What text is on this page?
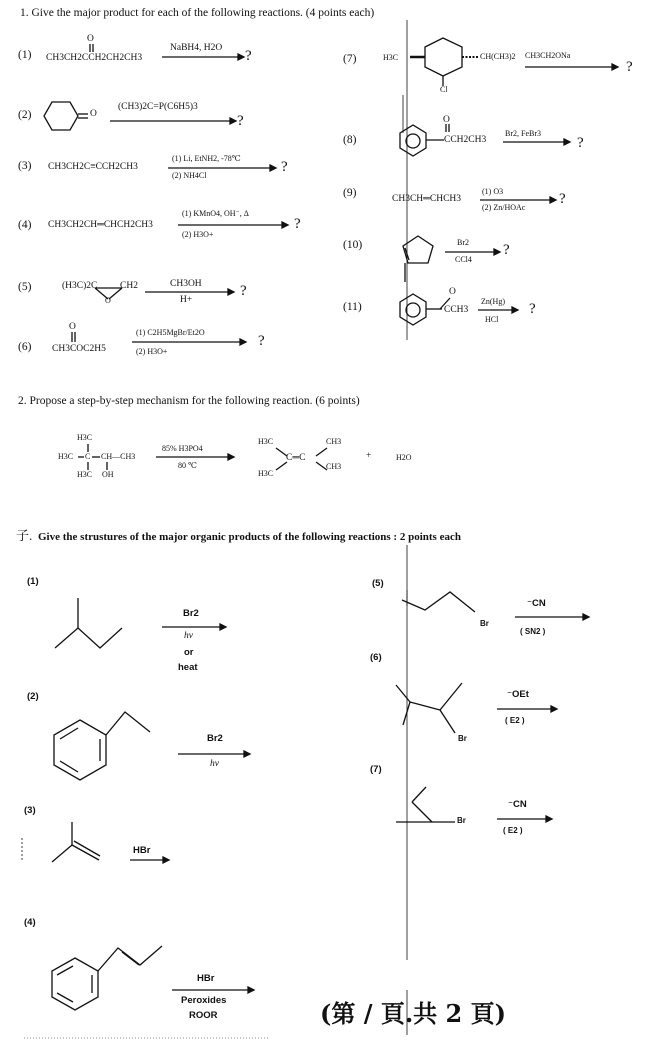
1. Give the major product for each of the following reactions. (4 points each)
(1)
O
CH3CH2CCH2CH2CH3
NaBH4, H2O ?
(2)	O
(CH3)2C=P(C6H5)3
?
(3) CH3CH2C≡CCH2CH3
(1) Li, EtNH2, -78℃
(2) NH4Cl
?
(4) CH3CH2CH═CHCH2CH3
(1) KMnO4, OH⁻, Δ
(2) H3O+
?
(5)	(H3C)2C CH2
O
CH3OH
H+
?
(6)
O
CH3COC2H5
(1) C2H5MgBr/Et2O
(2) H3O+
?
(7)	H3C	CH(CH3)2
Cl
CH3CH2ONa
?
(8)
O
CCH2CH3
Br2, FeBr3
?
(9)	CH3CH═CHCH3
(1) O3
(2) Zn/HOAc
?
(10)	Br2
CCl4
?
(11)
O
CCH3
Zn(Hg)
HCl
?
2. Propose a step-by-step mechanism for the following reaction. (6 points)
H3C
H3C C CH—CH3
H3C OH
85% H3PO4
80 ℃
H3C	CH3
C═C
H3C
CH3
+	H2O
子. Give the strustures of the major organic products of the following reactions : 2 points each
(1)
Br2
hν
or
heat
(2)
Br2
hν
(3)
HBr
(4)
HBr
Peroxides
ROOR
(5)
Br
⁻CN
( SN2 )
(6)
Br
⁻OEt
( E2 )
(7)
Br
⁻CN
( E2 )
(第 / 頁.共 2 頁)
